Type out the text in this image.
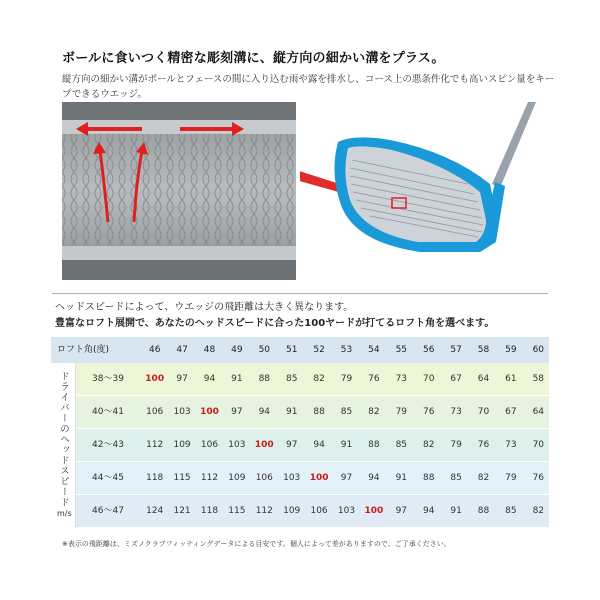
ボールに食いつく精密な彫刻溝に、縦方向の細かい溝をプラス。
縦方向の細かい溝がボールとフェースの間に入り込む雨や露を排水し、コース上の悪条件化でも高いスピン量をキープできるウエッジ。
ヘッドスピードによって、ウエッジの飛距離は大きく異なります。
豊富なロフト展開で、あなたのヘッドスピードに合った100ヤードが打てるロフト角を選べます。
ロフト角(度)	46	47	48	49	50	51	52	53	54	55	56	57	58	59	60
ドライバーのヘッドスピード
m/s
38～39	100	97	94	91	88	85	82	79	76	73	70	67	64	61	58
40～41	106	103	100	97	94	91	88	85	82	79	76	73	70	67	64
42～43	112	109	106	103	100	97	94	91	88	85	82	79	76	73	70
44～45	118	115	112	109	106	103	100	97	94	91	88	85	82	79	76
46～47	124	121	118	115	112	109	106	103	100	97	94	91	88	85	82
※表示の飛距離は、ミズノクラブフィッティングデータによる目安です。個人によって差がありますので、ご了承ください。
